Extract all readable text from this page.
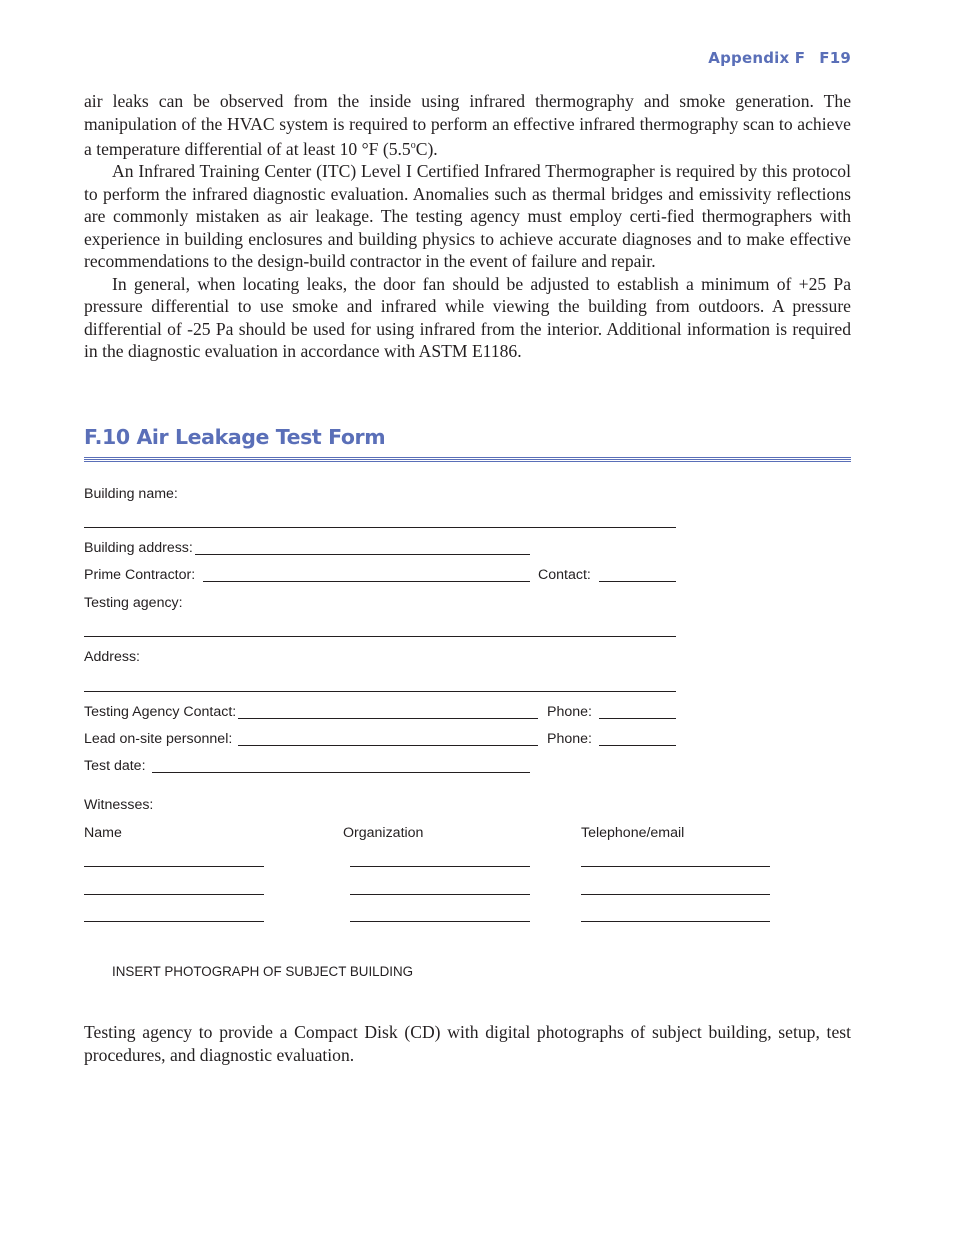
Appendix F F19

air leaks can be observed from the inside using infrared thermography and smoke generation. The manipulation of the HVAC system is required to perform an effective infrared thermography scan to achieve a temperature differential of at least 10 °F (5.5$^o$C).

An Infrared Training Center (ITC) Level I Certified Infrared Thermographer is required by this protocol to perform the infrared diagnostic evaluation. Anomalies such as thermal bridges and emissivity reflections are commonly mistaken as air leakage. The testing agency must employ certi-fied thermographers with experience in building enclosures and building physics to achieve accurate diagnoses and to make effective recommendations to the design-build contractor in the event of failure and repair.

In general, when locating leaks, the door fan should be adjusted to establish a minimum of +25 Pa pressure differential to use smoke and infrared while viewing the building from outdoors. A pressure differential of -25 Pa should be used for using infrared from the interior. Additional information is required in the diagnostic evaluation in accordance with ASTM E1186.

F.10 Air Leakage Test Form
Building name:
Building address:
Prime Contractor:	Contact:
Testing agency:
Address:
Testing Agency Contact:	Phone:
Lead on-site personnel:	Phone:
Test date:
Witnesses:
Name	Organization	Telephone/email
INSERT PHOTOGRAPH OF SUBJECT BUILDING

Testing agency to provide a Compact Disk (CD) with digital photographs of subject building, setup, test procedures, and diagnostic evaluation.
